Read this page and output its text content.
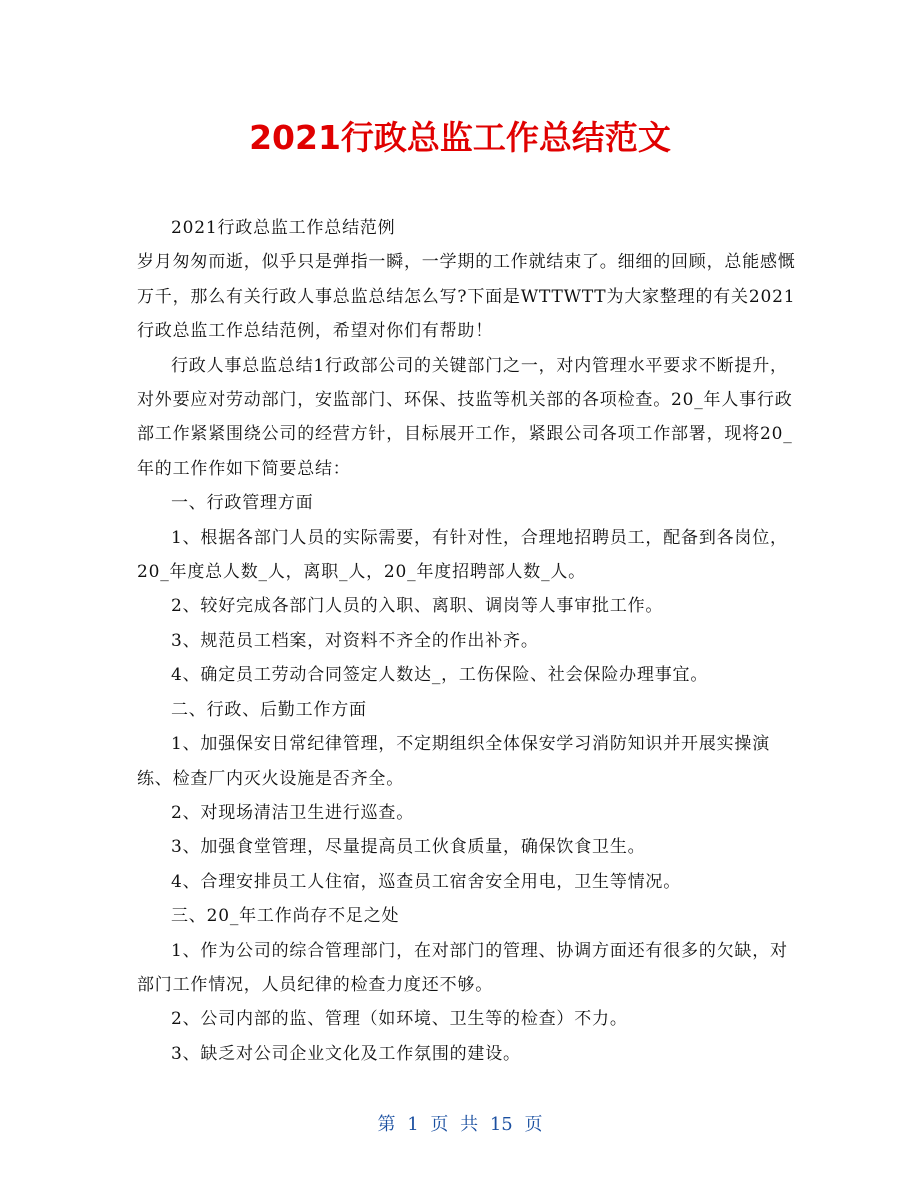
2021行政总监工作总结范文

2021行政总监工作总结范例

岁月匆匆而逝，似乎只是弹指一瞬，一学期的工作就结束了。细细的回顾，总能感慨万千，那么有关行政人事总监总结怎么写?下面是WTTWTT为大家整理的有关2021行政总监工作总结范例，希望对你们有帮助！

行政人事总监总结1行政部公司的关键部门之一，对内管理水平要求不断提升，对外要应对劳动部门，安监部门、环保、技监等机关部的各项检查。20_年人事行政部工作紧紧围绕公司的经营方针，目标展开工作，紧跟公司各项工作部署，现将20_年的工作作如下简要总结：

一、行政管理方面

1、根据各部门人员的实际需要，有针对性，合理地招聘员工，配备到各岗位，20_年度总人数_人，离职_人，20_年度招聘部人数_人。

2、较好完成各部门人员的入职、离职、调岗等人事审批工作。

3、规范员工档案，对资料不齐全的作出补齐。

4、确定员工劳动合同签定人数达_，工伤保险、社会保险办理事宜。

二、行政、后勤工作方面

1、加强保安日常纪律管理，不定期组织全体保安学习消防知识并开展实操演练、检查厂内灭火设施是否齐全。

2、对现场清洁卫生进行巡查。

3、加强食堂管理，尽量提高员工伙食质量，确保饮食卫生。

4、合理安排员工人住宿，巡查员工宿舍安全用电，卫生等情况。

三、20_年工作尚存不足之处

1、作为公司的综合管理部门，在对部门的管理、协调方面还有很多的欠缺，对部门工作情况，人员纪律的检查力度还不够。

2、公司内部的监、管理（如环境、卫生等的检查）不力。

3、缺乏对公司企业文化及工作氛围的建设。

第 1 页 共 15 页
